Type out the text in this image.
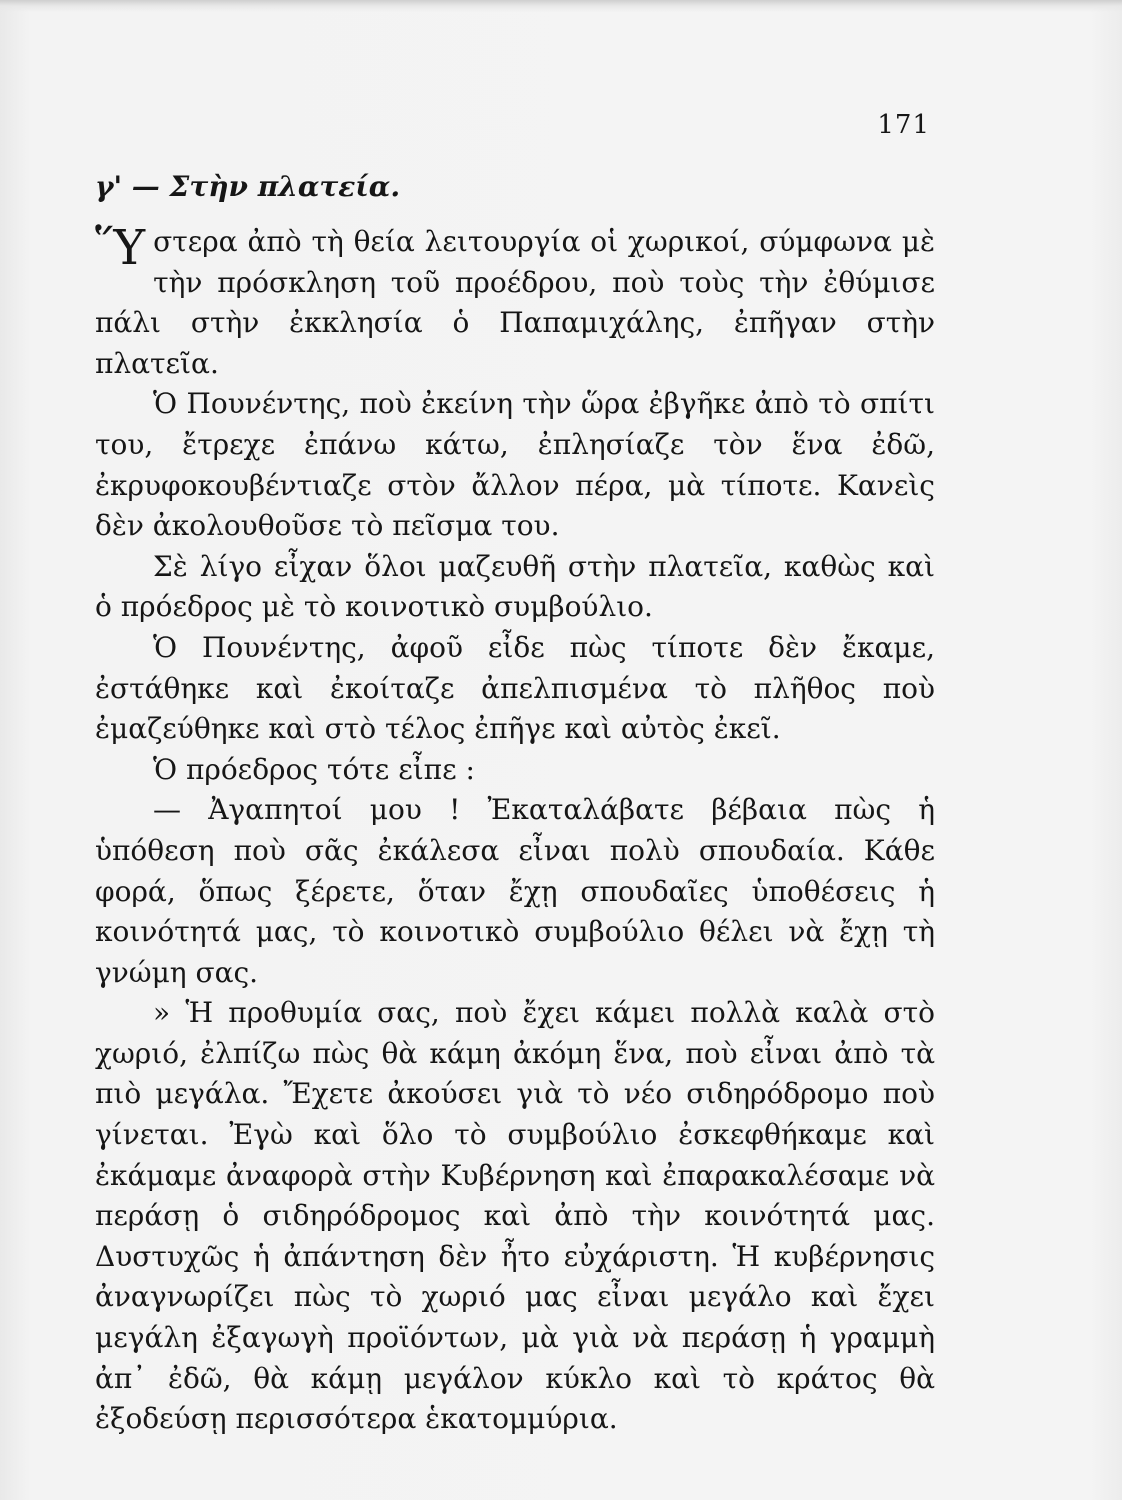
171
γ' — Στὴν πλατεία.

Ὕστερα ἀπὸ τὴ θεία λειτουργία οἱ χωρικοί, σύμφωνα μὲ τὴν πρόσκληση τοῦ προέδρου, ποὺ τοὺς τὴν ἐθύμισε πάλι στὴν ἐκκλησία ὁ Παπαμιχάλης, ἐπῆγαν στὴν πλατεῖα.

Ὁ Πουνέντης, ποὺ ἐκείνη τὴν ὥρα ἐβγῆκε ἀπὸ τὸ σπίτι του, ἔτρεχε ἐπάνω κάτω, ἐπλησίαζε τὸν ἕνα ἐδῶ, ἐκρυφοκουβέντιαζε στὸν ἄλλον πέρα, μὰ τίποτε. Κανεὶς δὲν ἀκολουθοῦσε τὸ πεῖσμα του.

Σὲ λίγο εἶχαν ὅλοι μαζευθῆ στὴν πλατεῖα, καθὼς καὶ ὁ πρόεδρος μὲ τὸ κοινοτικὸ συμβούλιο.

Ὁ Πουνέντης, ἀφοῦ εἶδε πὼς τίποτε δὲν ἔκαμε, ἐστάθηκε καὶ ἐκοίταζε ἀπελπισμένα τὸ πλῆθος ποὺ ἐμαζεύθηκε καὶ στὸ τέλος ἐπῆγε καὶ αὐτὸς ἐκεῖ.

Ὁ πρόεδρος τότε εἶπε :

— Ἀγαπητοί μου ! Ἐκαταλάβατε βέβαια πὼς ἡ ὑπόθεση ποὺ σᾶς ἐκάλεσα εἶναι πολὺ σπουδαία. Κάθε φορά, ὅπως ξέρετε, ὅταν ἔχῃ σπουδαῖες ὑποθέσεις ἡ κοινότητά μας, τὸ κοινοτικὸ συμβούλιο θέλει νὰ ἔχῃ τὴ γνώμη σας.

» Ἡ προθυμία σας, ποὺ ἔχει κάμει πολλὰ καλὰ στὸ χωριό, ἐλπίζω πὼς θὰ κάμη ἀκόμη ἕνα, ποὺ εἶναι ἀπὸ τὰ πιὸ μεγάλα. Ἔχετε ἀκούσει γιὰ τὸ νέο σιδηρόδρομο ποὺ γίνεται. Ἐγὼ καὶ ὅλο τὸ συμβούλιο ἐσκεφθήκαμε καὶ ἐκάμαμε ἀναφορὰ στὴν Κυβέρνηση καὶ ἐπαρακαλέσαμε νὰ περάσῃ ὁ σιδηρόδρομος καὶ ἀπὸ τὴν κοινότητά μας. Δυστυχῶς ἡ ἀπάντηση δὲν ἦτο εὐχάριστη. Ἡ κυβέρνησις ἀναγνωρίζει πὼς τὸ χωριό μας εἶναι μεγάλο καὶ ἔχει μεγάλη ἐξαγωγὴ προϊόντων, μὰ γιὰ νὰ περάσῃ ἡ γραμμὴ ἀπ᾿ ἐδῶ, θὰ κάμῃ μεγάλον κύκλο καὶ τὸ κράτος θὰ ἐξοδεύσῃ περισσότερα ἑκατομμύρια.
